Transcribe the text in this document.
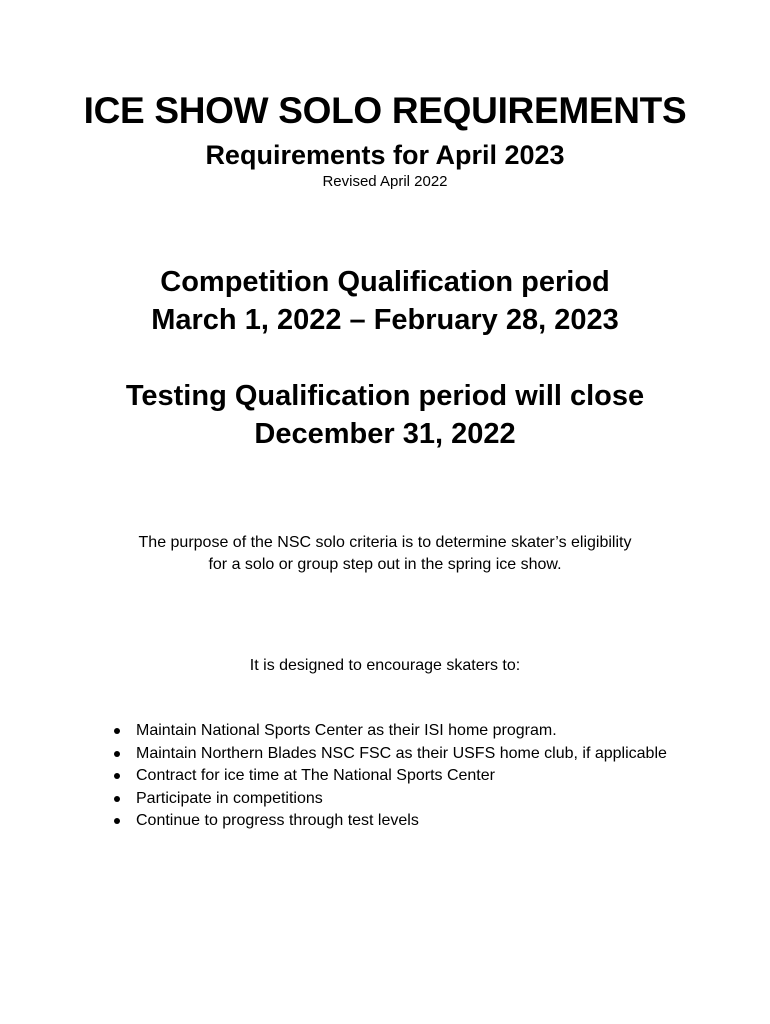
ICE SHOW SOLO REQUIREMENTS
Requirements for April 2023
Revised April 2022
Competition Qualification period
March 1, 2022 – February 28, 2023
Testing Qualification period will close
December 31, 2022
The purpose of the NSC solo criteria is to determine skater’s eligibility
for a solo or group step out in the spring ice show.
It is designed to encourage skaters to:
Maintain National Sports Center as their ISI home program.
Maintain Northern Blades NSC FSC as their USFS home club, if applicable
Contract for ice time at The National Sports Center
Participate in competitions
Continue to progress through test levels
